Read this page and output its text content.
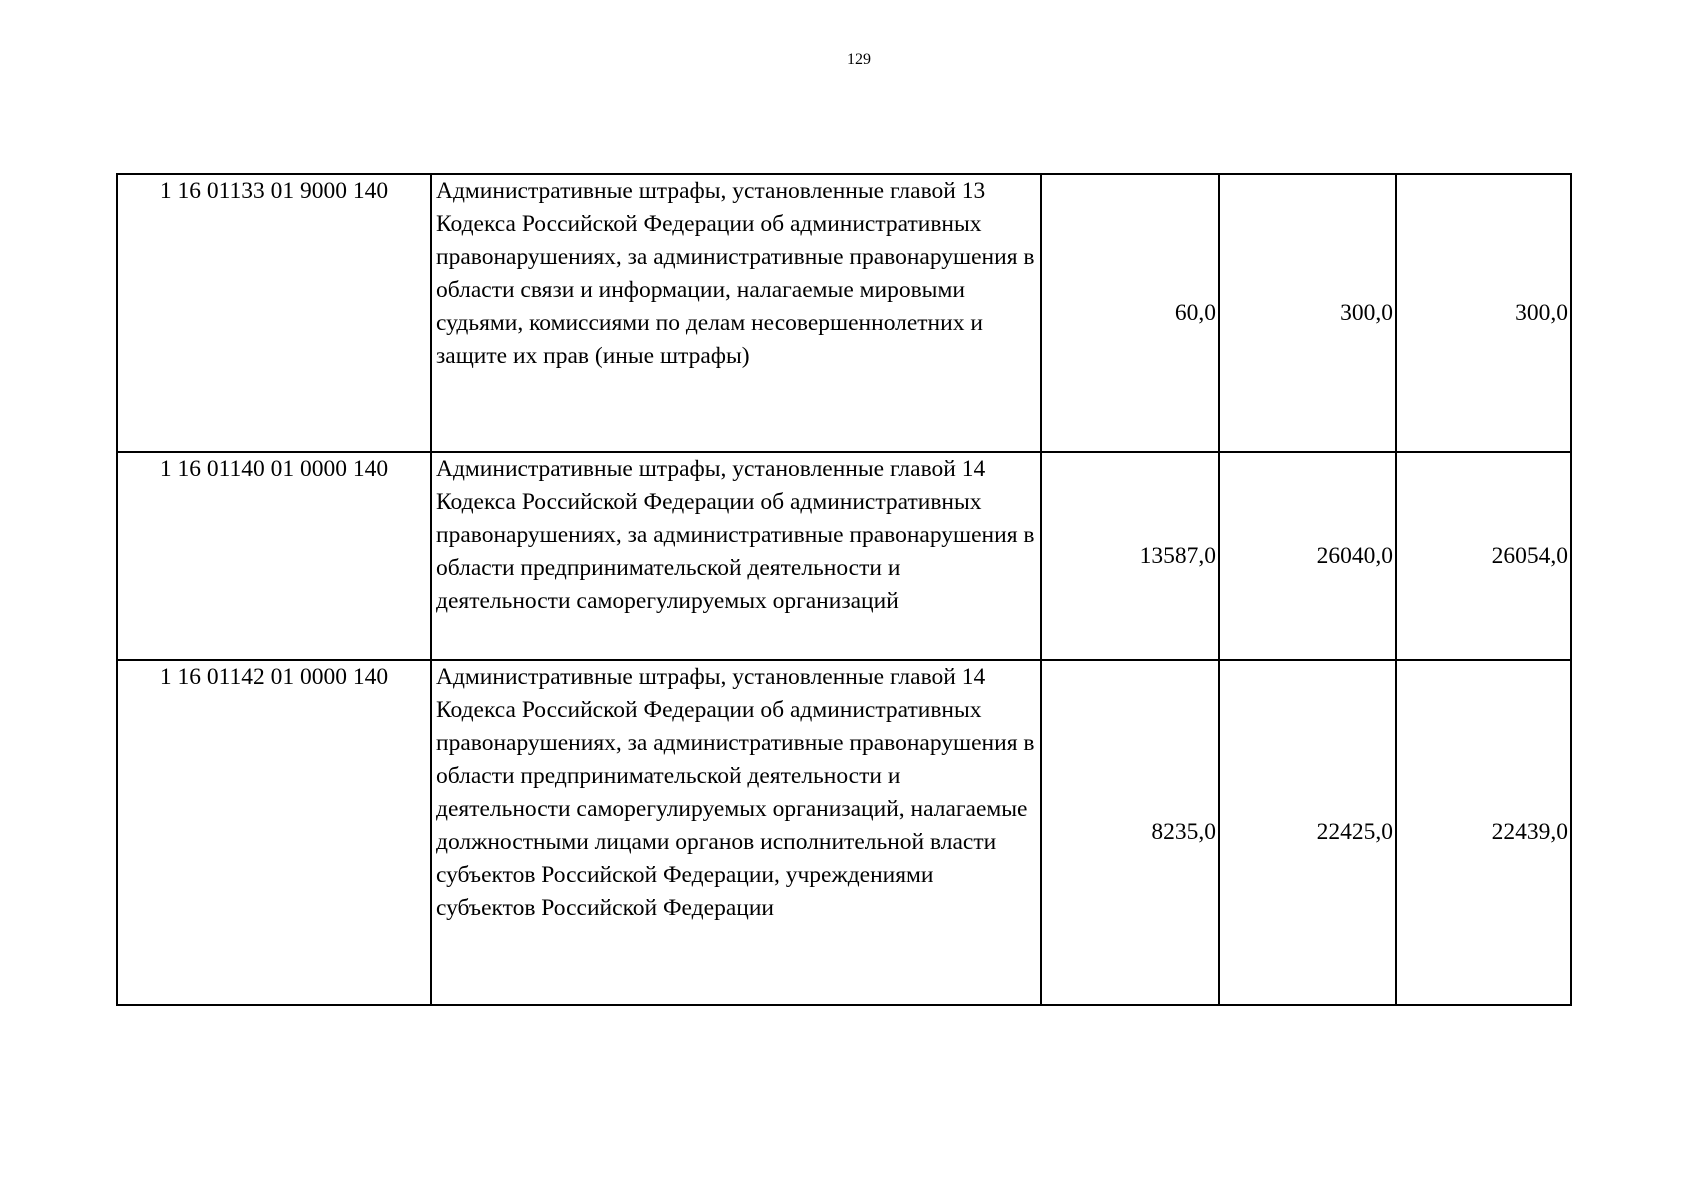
129
1 16 01133 01 9000 140	Административные штрафы, установленные главой 13 Кодекса Российской Федерации об административных правонарушениях, за административные правонарушения в области связи и информации, налагаемые мировыми судьями, комиссиями по делам несовершеннолетних и защите их прав (иные штрафы)	60,0	300,0	300,0
1 16 01140 01 0000 140	Административные штрафы, установленные главой 14 Кодекса Российской Федерации об административных правонарушениях, за административные правонарушения в области предпринимательской деятельности и деятельности саморегулируемых организаций	13587,0	26040,0	26054,0
1 16 01142 01 0000 140	Административные штрафы, установленные главой 14 Кодекса Российской Федерации об административных правонарушениях, за административные правонарушения в области предпринимательской деятельности и деятельности саморегулируемых организаций, налагаемые должностными лицами органов исполнительной власти субъектов Российской Федерации, учреждениями субъектов Российской Федерации	8235,0	22425,0	22439,0
